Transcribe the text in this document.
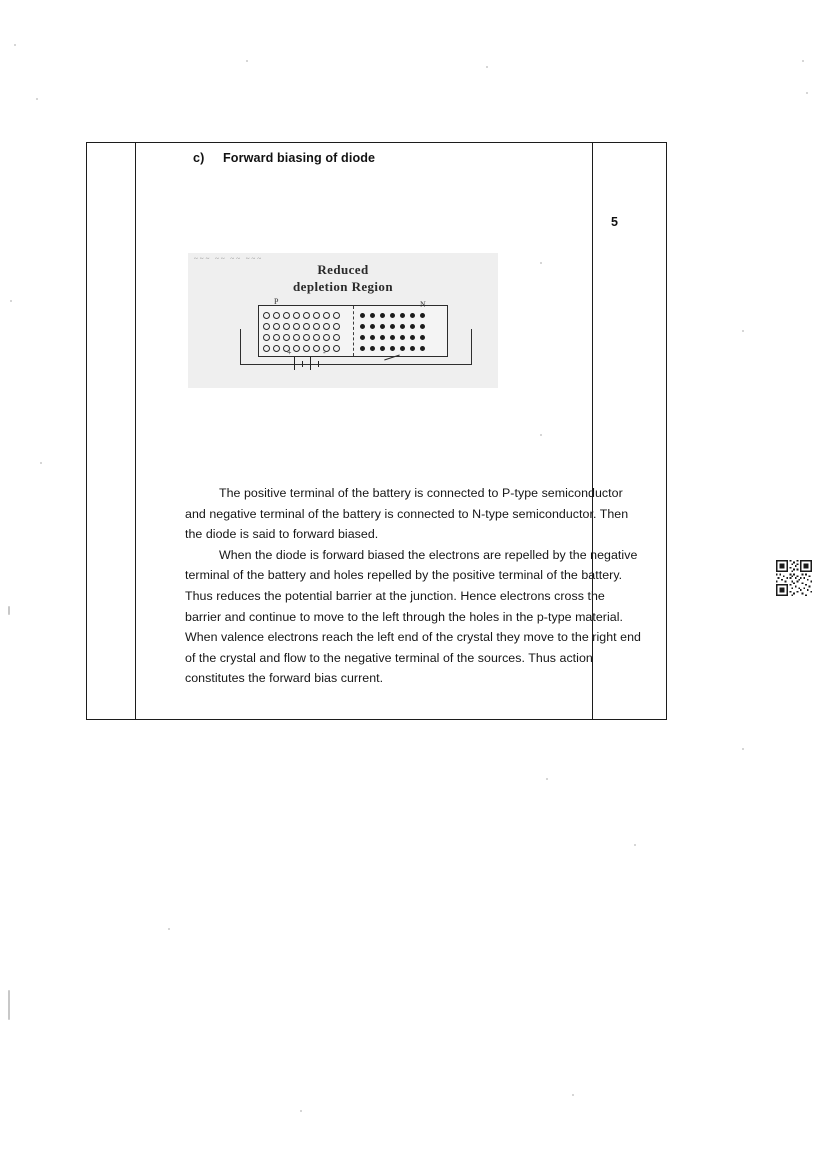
c) Forward biasing of diode
~~~ ~~ ~~ ~~~
Reduced
depletion Region
P	N
+	-

The positive terminal of the battery is connected to P-type semiconductor and negative terminal of the battery is connected to N-type semiconductor. Then the diode is said to forward biased.

When the diode is forward biased the electrons are repelled by the negative terminal of the battery and holes repelled by the positive terminal of the battery. Thus reduces the potential barrier at the junction. Hence electrons cross the barrier and continue to move to the left through the holes in the p-type material. When valence electrons reach the left end of the crystal they move to the right end of the crystal and flow to the negative terminal of the sources. Thus action constitutes the forward bias current.

5
